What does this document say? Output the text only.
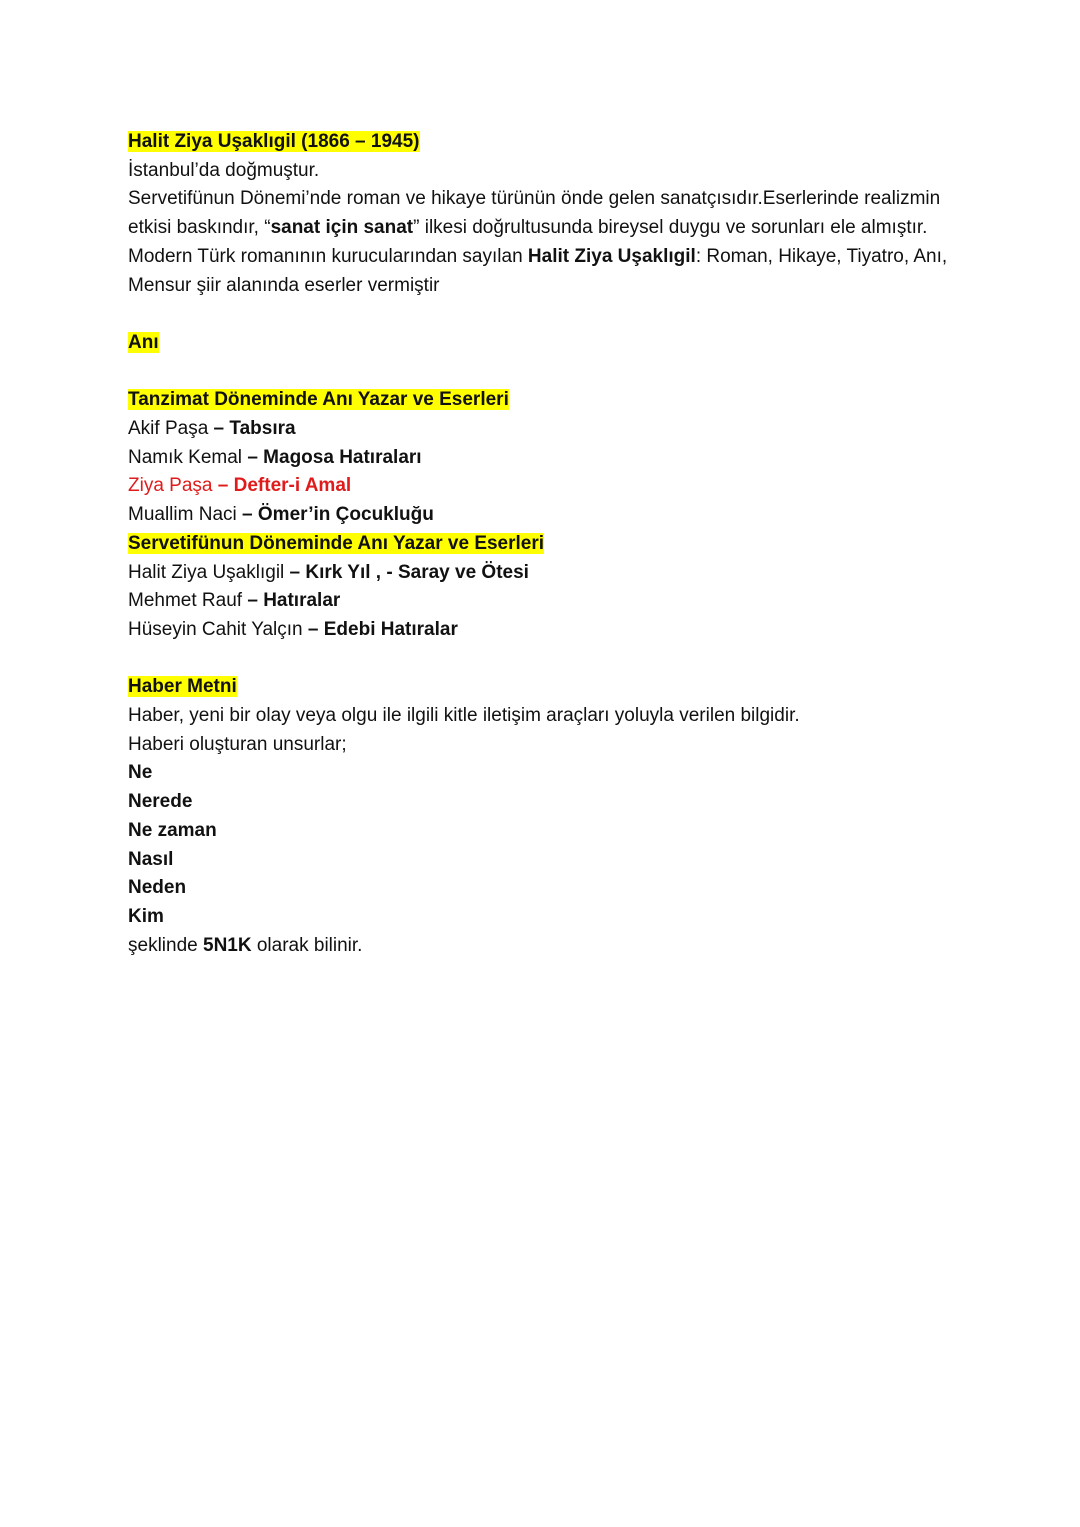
Halit Ziya Uşaklıgil (1866 – 1945)

İstanbul’da doğmuştur.

Servetifünun Dönemi’nde roman ve hikaye türünün önde gelen sanatçısıdır.Eserlerinde realizmin etkisi baskındır, “sanat için sanat” ilkesi doğrultusunda bireysel duygu ve sorunları ele almıştır.

Modern Türk romanının kurucularından sayılan Halit Ziya Uşaklıgil: Roman, Hikaye, Tiyatro, Anı, Mensur şiir alanında eserler vermiştir

Anı

Tanzimat Döneminde Anı Yazar ve Eserleri

Akif Paşa – Tabsıra

Namık Kemal – Magosa Hatıraları

Ziya Paşa – Defter-i Amal

Muallim Naci – Ömer’in Çocukluğu

Servetifünun Döneminde Anı Yazar ve Eserleri

Halit Ziya Uşaklıgil – Kırk Yıl , - Saray ve Ötesi

Mehmet Rauf – Hatıralar

Hüseyin Cahit Yalçın – Edebi Hatıralar

Haber Metni

Haber, yeni bir olay veya olgu ile ilgili kitle iletişim araçları yoluyla verilen bilgidir.

Haberi oluşturan unsurlar;

Ne

Nerede

Ne zaman

Nasıl

Neden

Kim

şeklinde 5N1K olarak bilinir.
